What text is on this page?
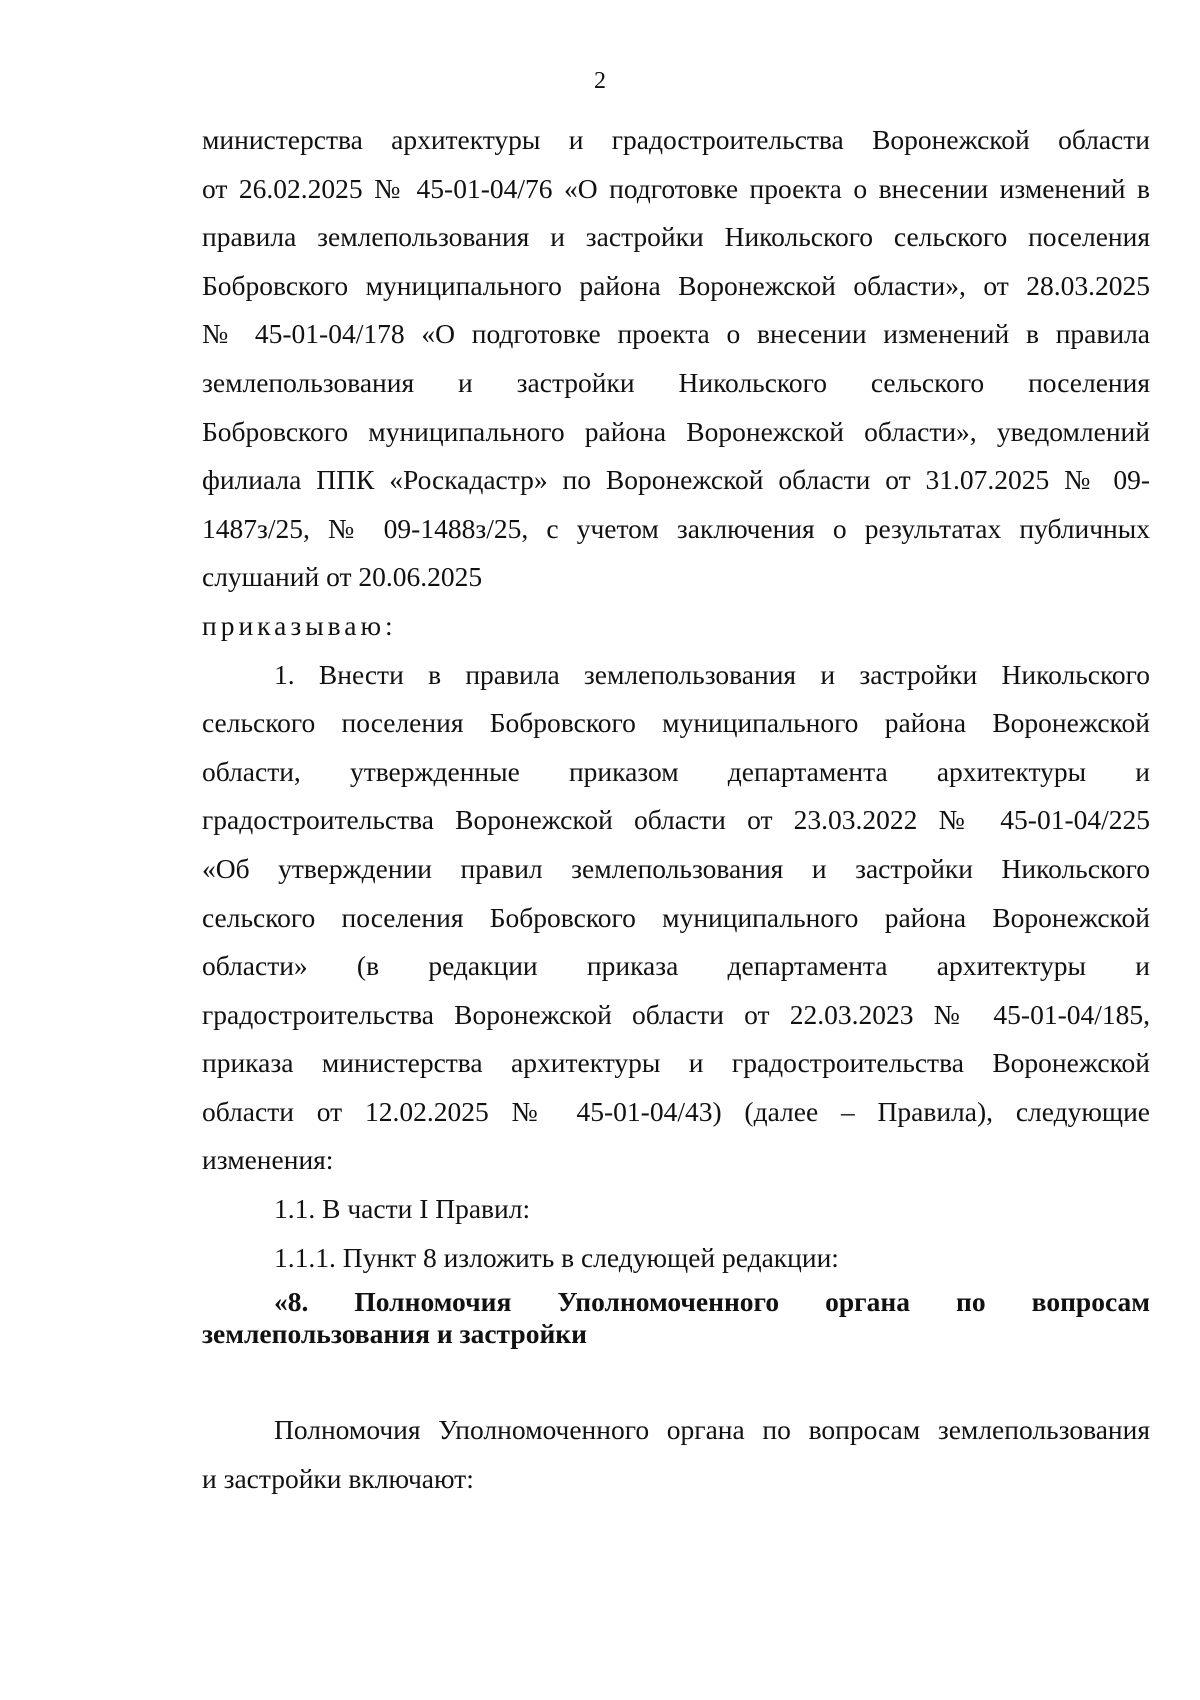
2
министерства архитектуры и градостроительства Воронежской области
от 26.02.2025 № 45-01-04/76 «О подготовке проекта о внесении изменений в
правила землепользования и застройки Никольского сельского поселения
Бобровского муниципального района Воронежской области», от 28.03.2025
№ 45-01-04/178 «О подготовке проекта о внесении изменений в правила
землепользования и застройки Никольского сельского поселения
Бобровского муниципального района Воронежской области», уведомлений
филиала ППК «Роскадастр» по Воронежской области от 31.07.2025 № 09-
1487з/25, № 09-1488з/25, с учетом заключения о результатах публичных
слушаний от 20.06.2025
приказываю:
1. Внести в правила землепользования и застройки Никольского
сельского поселения Бобровского муниципального района Воронежской
области, утвержденные приказом департамента архитектуры и
градостроительства Воронежской области от 23.03.2022 № 45-01-04/225
«Об утверждении правил землепользования и застройки Никольского
сельского поселения Бобровского муниципального района Воронежской
области» (в редакции приказа департамента архитектуры и
градостроительства Воронежской области от 22.03.2023 № 45-01-04/185,
приказа министерства архитектуры и градостроительства Воронежской
области от 12.02.2025 № 45-01-04/43) (далее – Правила), следующие
изменения:
1.1. В части I Правил:
1.1.1. Пункт 8 изложить в следующей редакции:
«8. Полномочия Уполномоченного органа по вопросам
землепользования и застройки
Полномочия Уполномоченного органа по вопросам землепользования
и застройки включают:
